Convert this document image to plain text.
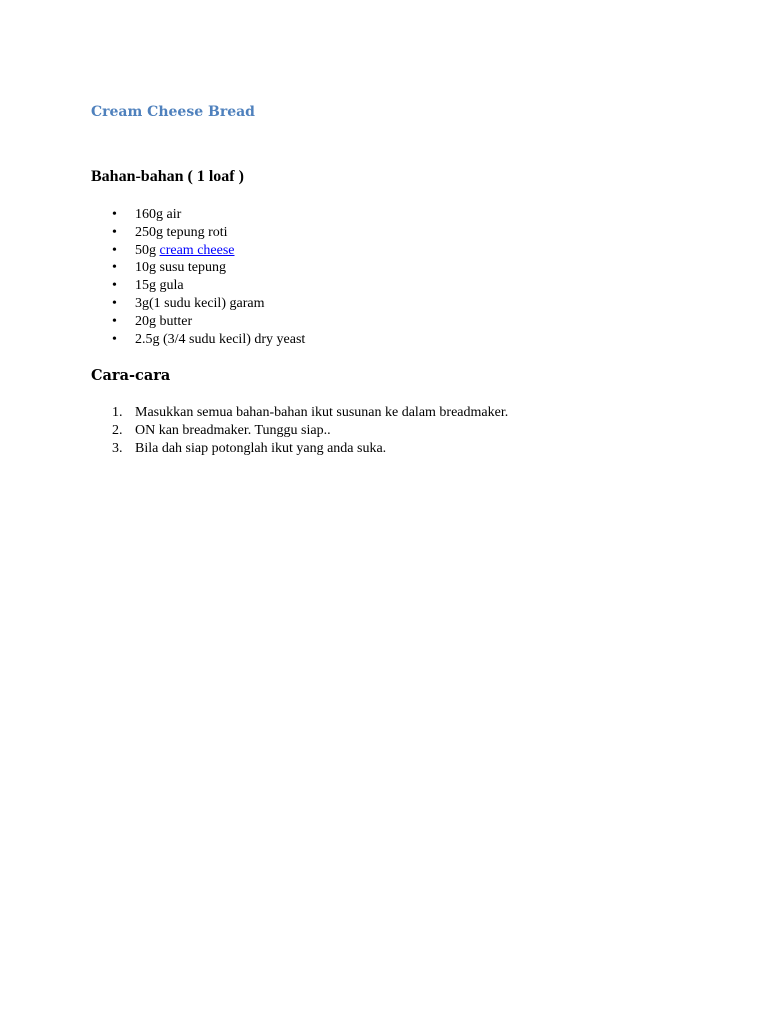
Cream Cheese Bread
Bahan-bahan ( 1 loaf )
• 160g air
• 250g tepung roti
• 50g cream cheese
• 10g susu tepung
• 15g gula
• 3g(1 sudu kecil) garam
• 20g butter
• 2.5g (3/4 sudu kecil) dry yeast
Cara-cara
1. Masukkan semua bahan-bahan ikut susunan ke dalam breadmaker.
2. ON kan breadmaker. Tunggu siap..
3. Bila dah siap potonglah ikut yang anda suka.
